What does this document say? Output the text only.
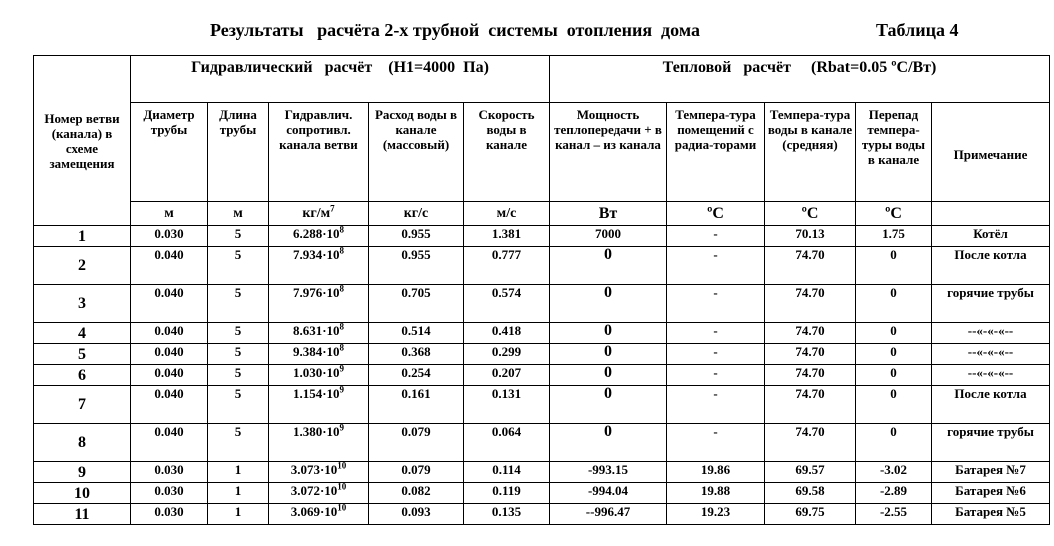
Результаты   расчёта 2-х трубной  системы  отопления  дома	Таблица 4
Номер ветви (канала) в схеме замещения	Гидравлический   расчёт    (H1=4000  Па)					Тепловой   расчёт     (Rbat=0.05 ºС/Вт)				
	Диаметр трубы	Длина трубы	Гидравлич. сопротивл. канала ветви	Расход воды в канале (массовый)	Скорость воды в канале	Мощность теплопередачи + в канал – из канала	Темпера-тура помещений с радиа-торами	Темпера-тура воды в канале (средняя)	Перепад темпера-туры воды в канале	Примечание
	м	м	$кг/м^7$	кг/с	м/с	Вт	ºС	ºС	ºС	
1	0.030	5	$6.288\cdot 10^8$	0.955	1.381	7000	-	70.13	1.75	Котёл
2	0.040	5	$7.934\cdot 10^8$	0.955	0.777	0	-	74.70	0	После котла
3	0.040	5	$7.976\cdot 10^8$	0.705	0.574	0	-	74.70	0	горячие трубы
4	0.040	5	$8.631\cdot 10^8$	0.514	0.418	0	-	74.70	0	--«-«-«--
5	0.040	5	$9.384\cdot 10^8$	0.368	0.299	0	-	74.70	0	--«-«-«--
6	0.040	5	$1.030\cdot 10^9$	0.254	0.207	0	-	74.70	0	--«-«-«--
7	0.040	5	$1.154\cdot 10^9$	0.161	0.131	0	-	74.70	0	После котла
8	0.040	5	$1.380\cdot 10^9$	0.079	0.064	0	-	74.70	0	горячие трубы
9	0.030	1	$3.073\cdot 10^{10}$	0.079	0.114	-993.15	19.86	69.57	-3.02	Батарея №7
10	0.030	1	$3.072\cdot 10^{10}$	0.082	0.119	-994.04	19.88	69.58	-2.89	Батарея №6
11	0.030	1	$3.069\cdot 10^{10}$	0.093	0.135	--996.47	19.23	69.75	-2.55	Батарея №5
